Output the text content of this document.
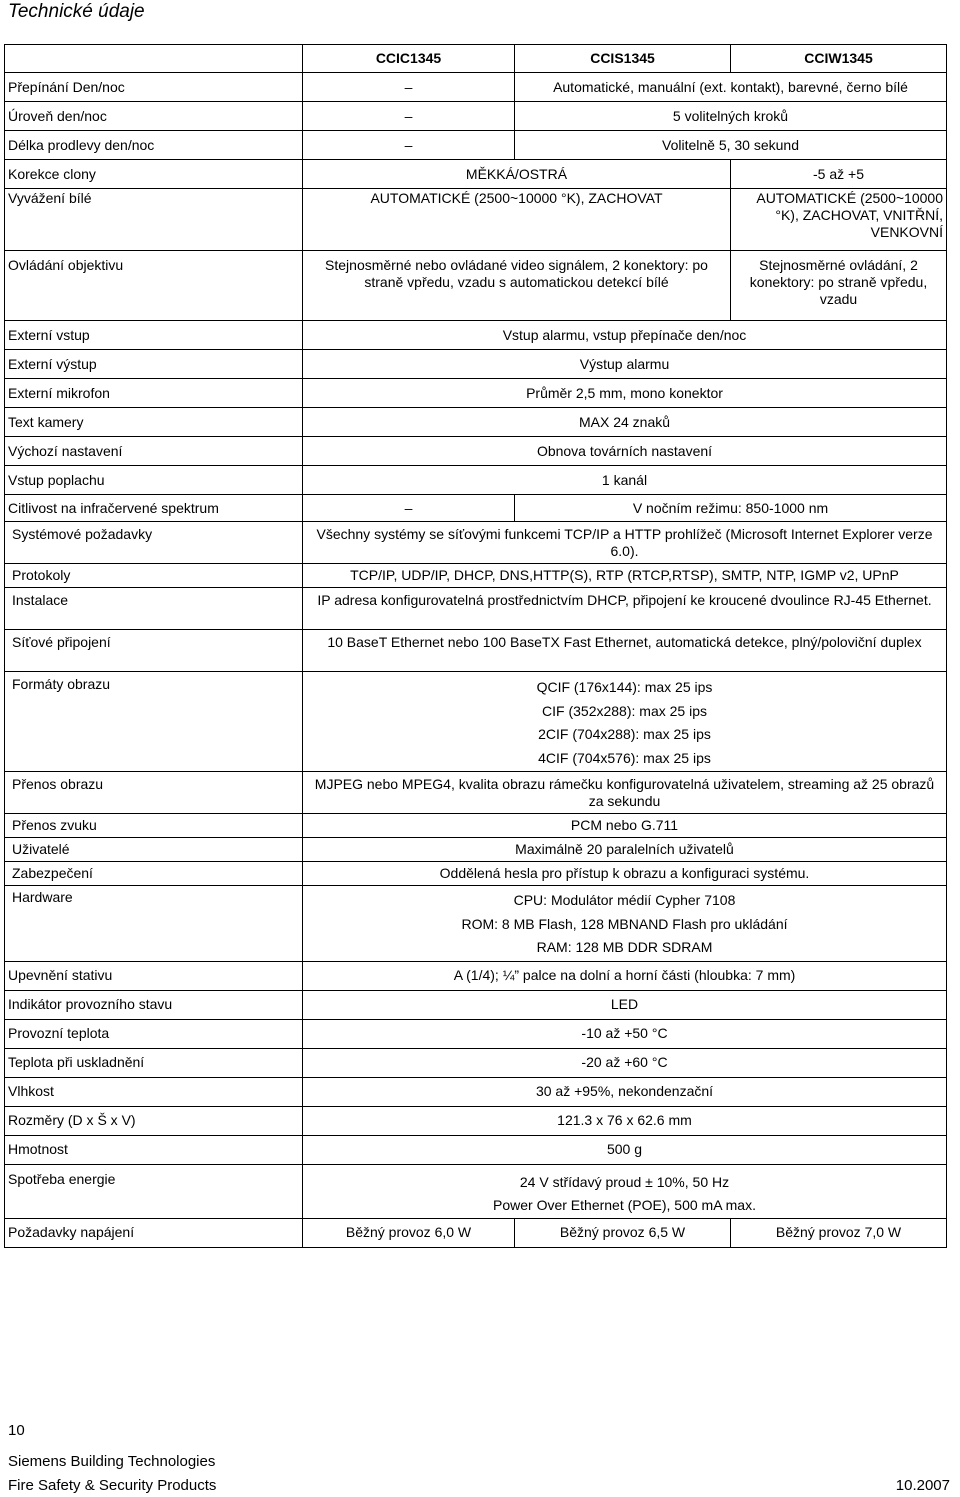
Technické údaje
	CCIC1345	CCIS1345	CCIW1345
Přepínání Den/noc	–	Automatické, manuální (ext. kontakt), barevné, černo bílé	
Úroveň den/noc	–	5 volitelných kroků	
Délka prodlevy den/noc	–	Volitelně 5, 30 sekund	
Korekce clony	MĚKKÁ/OSTRÁ		-5 až +5
Vyvážení bílé	AUTOMATICKÉ (2500~10000 °K), ZACHOVAT		AUTOMATICKÉ (2500~10000 °K), ZACHOVAT, VNITŘNÍ, VENKOVNÍ
Ovládání objektivu	Stejnosměrné nebo ovládané video signálem, 2 konektory: po straně vpředu, vzadu s automatickou detekcí bílé		Stejnosměrné ovládání, 2 konektory: po straně vpředu, vzadu
Externí vstup	Vstup alarmu, vstup přepínače den/noc		
Externí výstup	Výstup alarmu		
Externí mikrofon	Průměr 2,5 mm, mono konektor		
Text kamery	MAX 24 znaků		
Výchozí nastavení	Obnova továrních nastavení		
Vstup poplachu	1 kanál		
Citlivost na infračervené spektrum	–	V nočním režimu: 850-1000 nm	
Systémové požadavky	Všechny systémy se síťovými funkcemi TCP/IP a HTTP prohlížeč (Microsoft Internet Explorer verze 6.0).		
Protokoly	TCP/IP, UDP/IP, DHCP, DNS,HTTP(S), RTP (RTCP,RTSP), SMTP, NTP, IGMP v2, UPnP		
Instalace	IP adresa konfigurovatelná prostřednictvím DHCP, připojení ke kroucené dvoulince RJ-45 Ethernet.		
Síťové připojení	10 BaseT Ethernet nebo 100 BaseTX Fast Ethernet, automatická detekce, plný/poloviční duplex		
Formáty obrazu	QCIF (176x144): max 25 ips
CIF (352x288): max 25 ips
2CIF (704x288): max 25 ips
4CIF (704x576): max 25 ips		

Přenos obrazu	MJPEG nebo MPEG4, kvalita obrazu rámečku konfigurovatelná uživatelem, streaming až 25 obrazů za sekundu		
Přenos zvuku	PCM nebo G.711		
Uživatelé	Maximálně 20 paralelních uživatelů		
Zabezpečení	Oddělená hesla pro přístup k obrazu a konfiguraci systému.		
Hardware	CPU: Modulátor médií Cypher 7108
ROM: 8 MB Flash, 128 MBNAND Flash pro ukládání
RAM: 128 MB DDR SDRAM		

Upevnění stativu	A (1/4); ¼” palce na dolní a horní části (hloubka: 7 mm)		
Indikátor provozního stavu	LED		
Provozní teplota	-10 až +50 °C		
Teplota při uskladnění	-20 až +60 °C		
Vlhkost	30 až +95%, nekondenzační		
Rozměry (D x Š x V)	121.3 x 76 x 62.6 mm		
Hmotnost	500 g		
Spotřeba energie	24 V střídavý proud ± 10%, 50 Hz
Power Over Ethernet (POE), 500 mA max.		

Požadavky napájení	Běžný provoz 6,0 W	Běžný provoz 6,5 W	Běžný provoz 7,0 W
10
Siemens Building Technologies
Fire Safety & Security Products	10.2007
